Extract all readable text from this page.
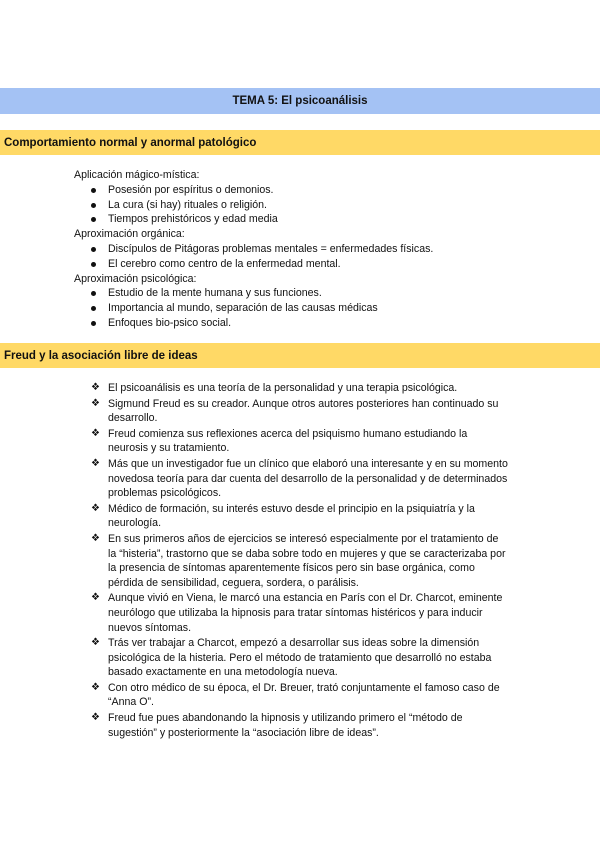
TEMA 5: El psicoanálisis
Comportamiento normal y anormal patológico
Aplicación mágico-mística:
Posesión por espíritus o demonios.
La cura (si hay) rituales o religión.
Tiempos prehistóricos y edad media
Aproximación orgánica:
Discípulos de Pitágoras problemas mentales = enfermedades físicas.
El cerebro como centro de la enfermedad mental.
Aproximación psicológica:
Estudio de la mente humana y sus funciones.
Importancia al mundo, separación de las causas médicas
Enfoques bio-psico social.
Freud y la asociación libre de ideas
❖ El psicoanálisis es una teoría de la personalidad y una terapia psicológica.
❖ Sigmund Freud es su creador. Aunque otros autores posteriores han continuado su
desarrollo.
❖ Freud comienza sus reflexiones acerca del psiquismo humano estudiando la
neurosis y su tratamiento.
❖ Más que un investigador fue un clínico que elaboró una interesante y en su momento
novedosa teoría para dar cuenta del desarrollo de la personalidad y de determinados
problemas psicológicos.
❖ Médico de formación, su interés estuvo desde el principio en la psiquiatría y la
neurología.
❖ En sus primeros años de ejercicios se interesó especialmente por el tratamiento de
la “histeria”, trastorno que se daba sobre todo en mujeres y que se caracterizaba por
la presencia de síntomas aparentemente físicos pero sin base orgánica, como
pérdida de sensibilidad, ceguera, sordera, o parálisis.
❖ Aunque vivió en Viena, le marcó una estancia en París con el Dr. Charcot, eminente
neurólogo que utilizaba la hipnosis para tratar síntomas histéricos y para inducir
nuevos síntomas.
❖ Trás ver trabajar a Charcot, empezó a desarrollar sus ideas sobre la dimensión
psicológica de la histeria. Pero el método de tratamiento que desarrolló no estaba
basado exactamente en una metodología nueva.
❖ Con otro médico de su época, el Dr. Breuer, trató conjuntamente el famoso caso de
“Anna O”.
❖ Freud fue pues abandonando la hipnosis y utilizando primero el “método de
sugestión” y posteriormente la “asociación libre de ideas”.
